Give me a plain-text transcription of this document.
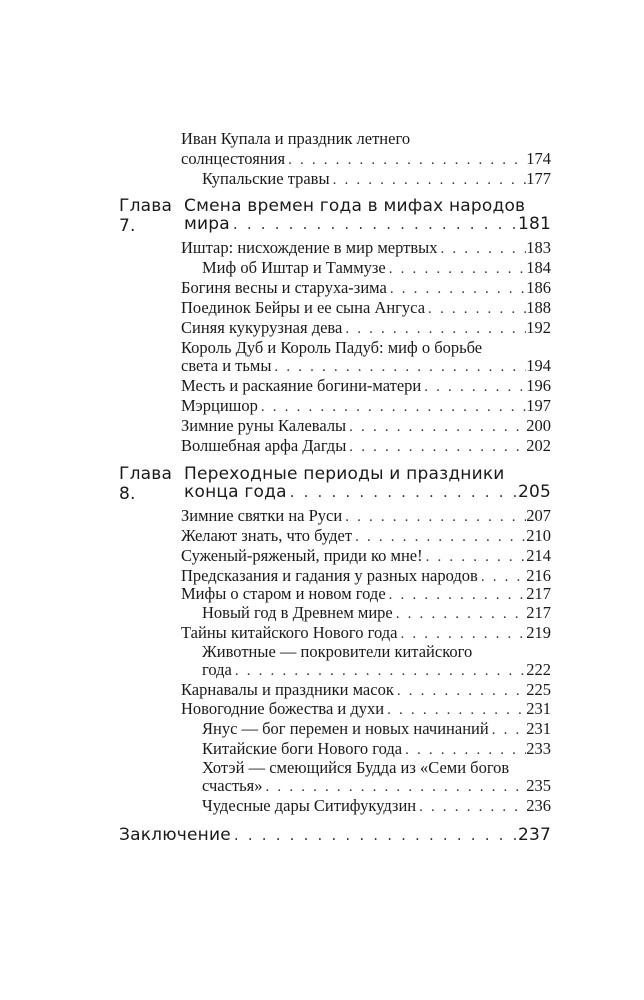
Иван Купала и праздник летнего
солнцестояния . . .	174
Купальские травы . . .	177
Глава 7.
Смена времен года в мифах народов
мира . . .	181
Иштар: нисхождение в мир мертвых . . .	183
Миф об Иштар и Таммузе . . .	184
Богиня весны и старуха-зима . . .	186
Поединок Бейры и ее сына Ангуса . . .	188
Синяя кукурузная дева . . .	192
Король Дуб и Король Падуб: миф о борьбе
света и тьмы . . .	194
Месть и раскаяние богини-матери . . .	196
Мэрцишор . . .	197
Зимние руны Калевалы . . .	200
Волшебная арфа Дагды . . .	202
Глава 8.
Переходные периоды и праздники
конца года . . .	205
Зимние святки на Руси . . .	207
Желают знать, что будет . . .	210
Суженый-ряженый, приди ко мне! . . .	214
Предсказания и гадания у разных народов . . .	216
Мифы о старом и новом годе . . .	217
Новый год в Древнем мире . . .	217
Тайны китайского Нового года . . .	219
Животные — покровители китайского
года . . .	222
Карнавалы и праздники масок . . .	225
Новогодние божества и духи . . .	231
Янус — бог перемен и новых начинаний . . . 231
Китайские боги Нового года . . .	233
Хотэй — смеющийся Будда из «Семи богов
счастья» . . .	235
Чудесные дары Ситифукудзин . . .	236
Заключение . . .	237
